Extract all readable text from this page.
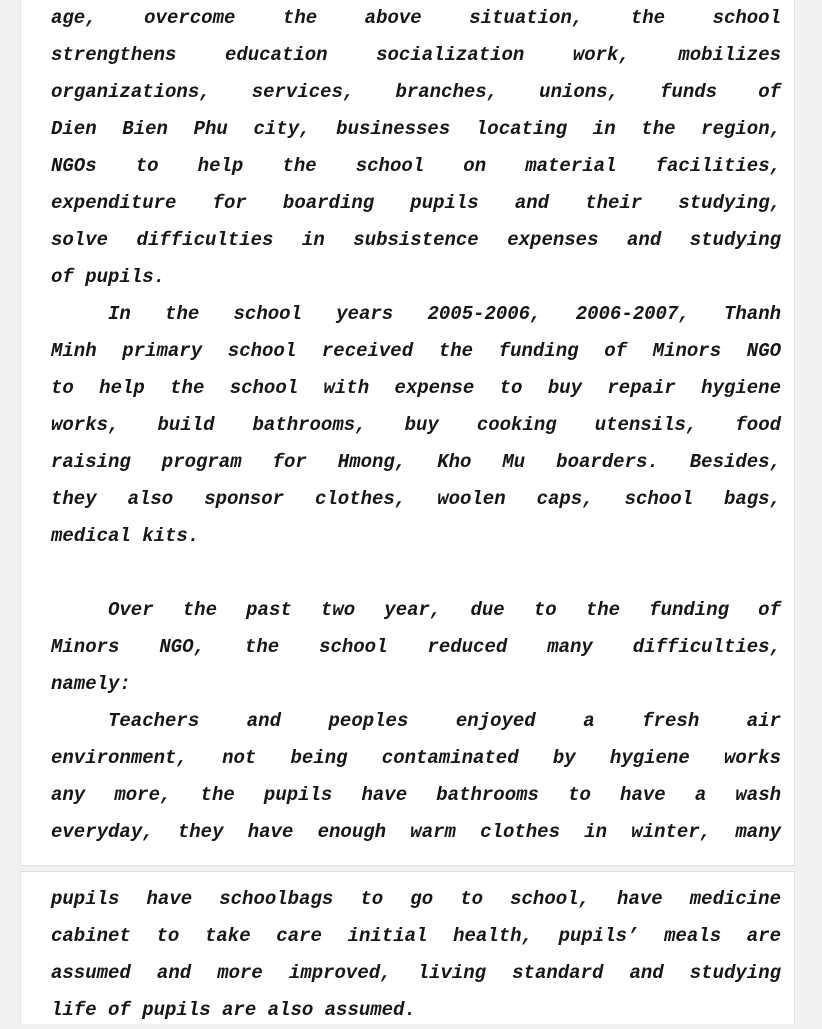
age, overcome the above situation, the school
strengthens education socialization work, mobilizes
organizations, services, branches, unions, funds of
Dien Bien Phu city, businesses locating in the region,
NGOs to help the school on material facilities,
expenditure for boarding pupils and their studying,
solve difficulties in subsistence expenses and studying
of pupils.
In the school years 2005-2006, 2006-2007, Thanh
Minh primary school received the funding of Minors NGO
to help the school with expense to buy repair hygiene
works, build bathrooms, buy cooking utensils, food
raising program for Hmong, Kho Mu boarders. Besides,
they also sponsor clothes, woolen caps, school bags,
medical kits.
Over the past two year, due to the funding of
Minors NGO, the school reduced many difficulties,
namely:
Teachers and peoples enjoyed a fresh air
environment, not being contaminated by hygiene works
any more, the pupils have bathrooms to have a wash
everyday, they have enough warm clothes in winter, many
pupils have schoolbags to go to school, have medicine
cabinet to take care initial health, pupils’ meals are
assumed and more improved, living standard and studying
life of pupils are also assumed.
